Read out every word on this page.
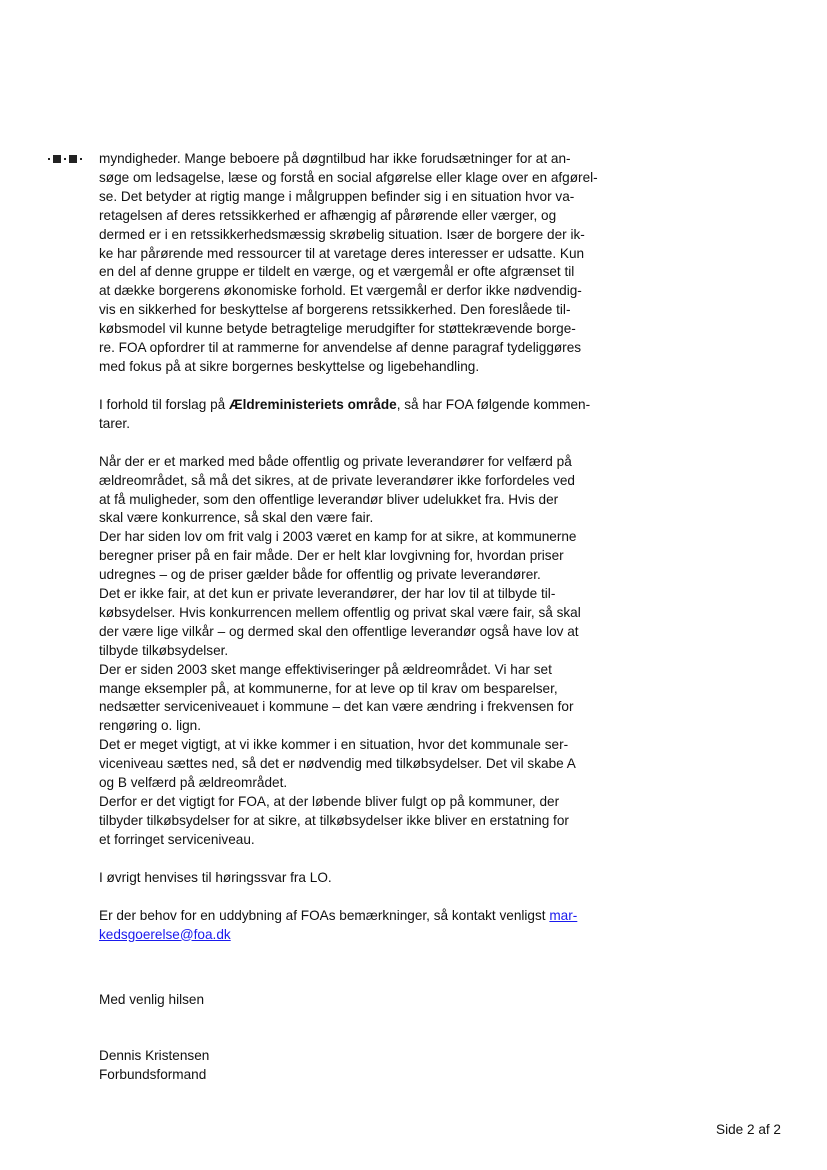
myndigheder. Mange beboere på døgntilbud har ikke forudsætninger for at an-
søge om ledsagelse, læse og forstå en social afgørelse eller klage over en afgørel-
se. Det betyder at rigtig mange i målgruppen befinder sig i en situation hvor va-
retagelsen af deres retssikkerhed er afhængig af pårørende eller værger, og
dermed er i en retssikkerhedsmæssig skrøbelig situation. Især de borgere der ik-
ke har pårørende med ressourcer til at varetage deres interesser er udsatte. Kun
en del af denne gruppe er tildelt en værge, og et værgemål er ofte afgrænset til
at dække borgerens økonomiske forhold. Et værgemål er derfor ikke nødvendig-
vis en sikkerhed for beskyttelse af borgerens retssikkerhed. Den foreslåede til-
købsmodel vil kunne betyde betragtelige merudgifter for støttekrævende borge-
re. FOA opfordrer til at rammerne for anvendelse af denne paragraf tydeliggøres
med fokus på at sikre borgernes beskyttelse og ligebehandling.
I forhold til forslag på Ældreministeriets område, så har FOA følgende kommen-
tarer.
Når der er et marked med både offentlig og private leverandører for velfærd på
ældreområdet, så må det sikres, at de private leverandører ikke forfordeles ved
at få muligheder, som den offentlige leverandør bliver udelukket fra. Hvis der
skal være konkurrence, så skal den være fair.
Der har siden lov om frit valg i 2003 været en kamp for at sikre, at kommunerne
beregner priser på en fair måde. Der er helt klar lovgivning for, hvordan priser
udregnes – og de priser gælder både for offentlig og private leverandører.
Det er ikke fair, at det kun er private leverandører, der har lov til at tilbyde til-
købsydelser. Hvis konkurrencen mellem offentlig og privat skal være fair, så skal
der være lige vilkår – og dermed skal den offentlige leverandør også have lov at
tilbyde tilkøbsydelser.
Der er siden 2003 sket mange effektiviseringer på ældreområdet. Vi har set
mange eksempler på, at kommunerne, for at leve op til krav om besparelser,
nedsætter serviceniveauet i kommune – det kan være ændring i frekvensen for
rengøring o. lign.
Det er meget vigtigt, at vi ikke kommer i en situation, hvor det kommunale ser-
viceniveau sættes ned, så det er nødvendig med tilkøbsydelser. Det vil skabe A
og B velfærd på ældreområdet.
Derfor er det vigtigt for FOA, at der løbende bliver fulgt op på kommuner, der
tilbyder tilkøbsydelser for at sikre, at tilkøbsydelser ikke bliver en erstatning for
et forringet serviceniveau.
I øvrigt henvises til høringssvar fra LO.
Er der behov for en uddybning af FOAs bemærkninger, så kontakt venligst mar-
kedsgoerelse@foa.dk
Med venlig hilsen
Dennis Kristensen
Forbundsformand
Side 2 af 2
